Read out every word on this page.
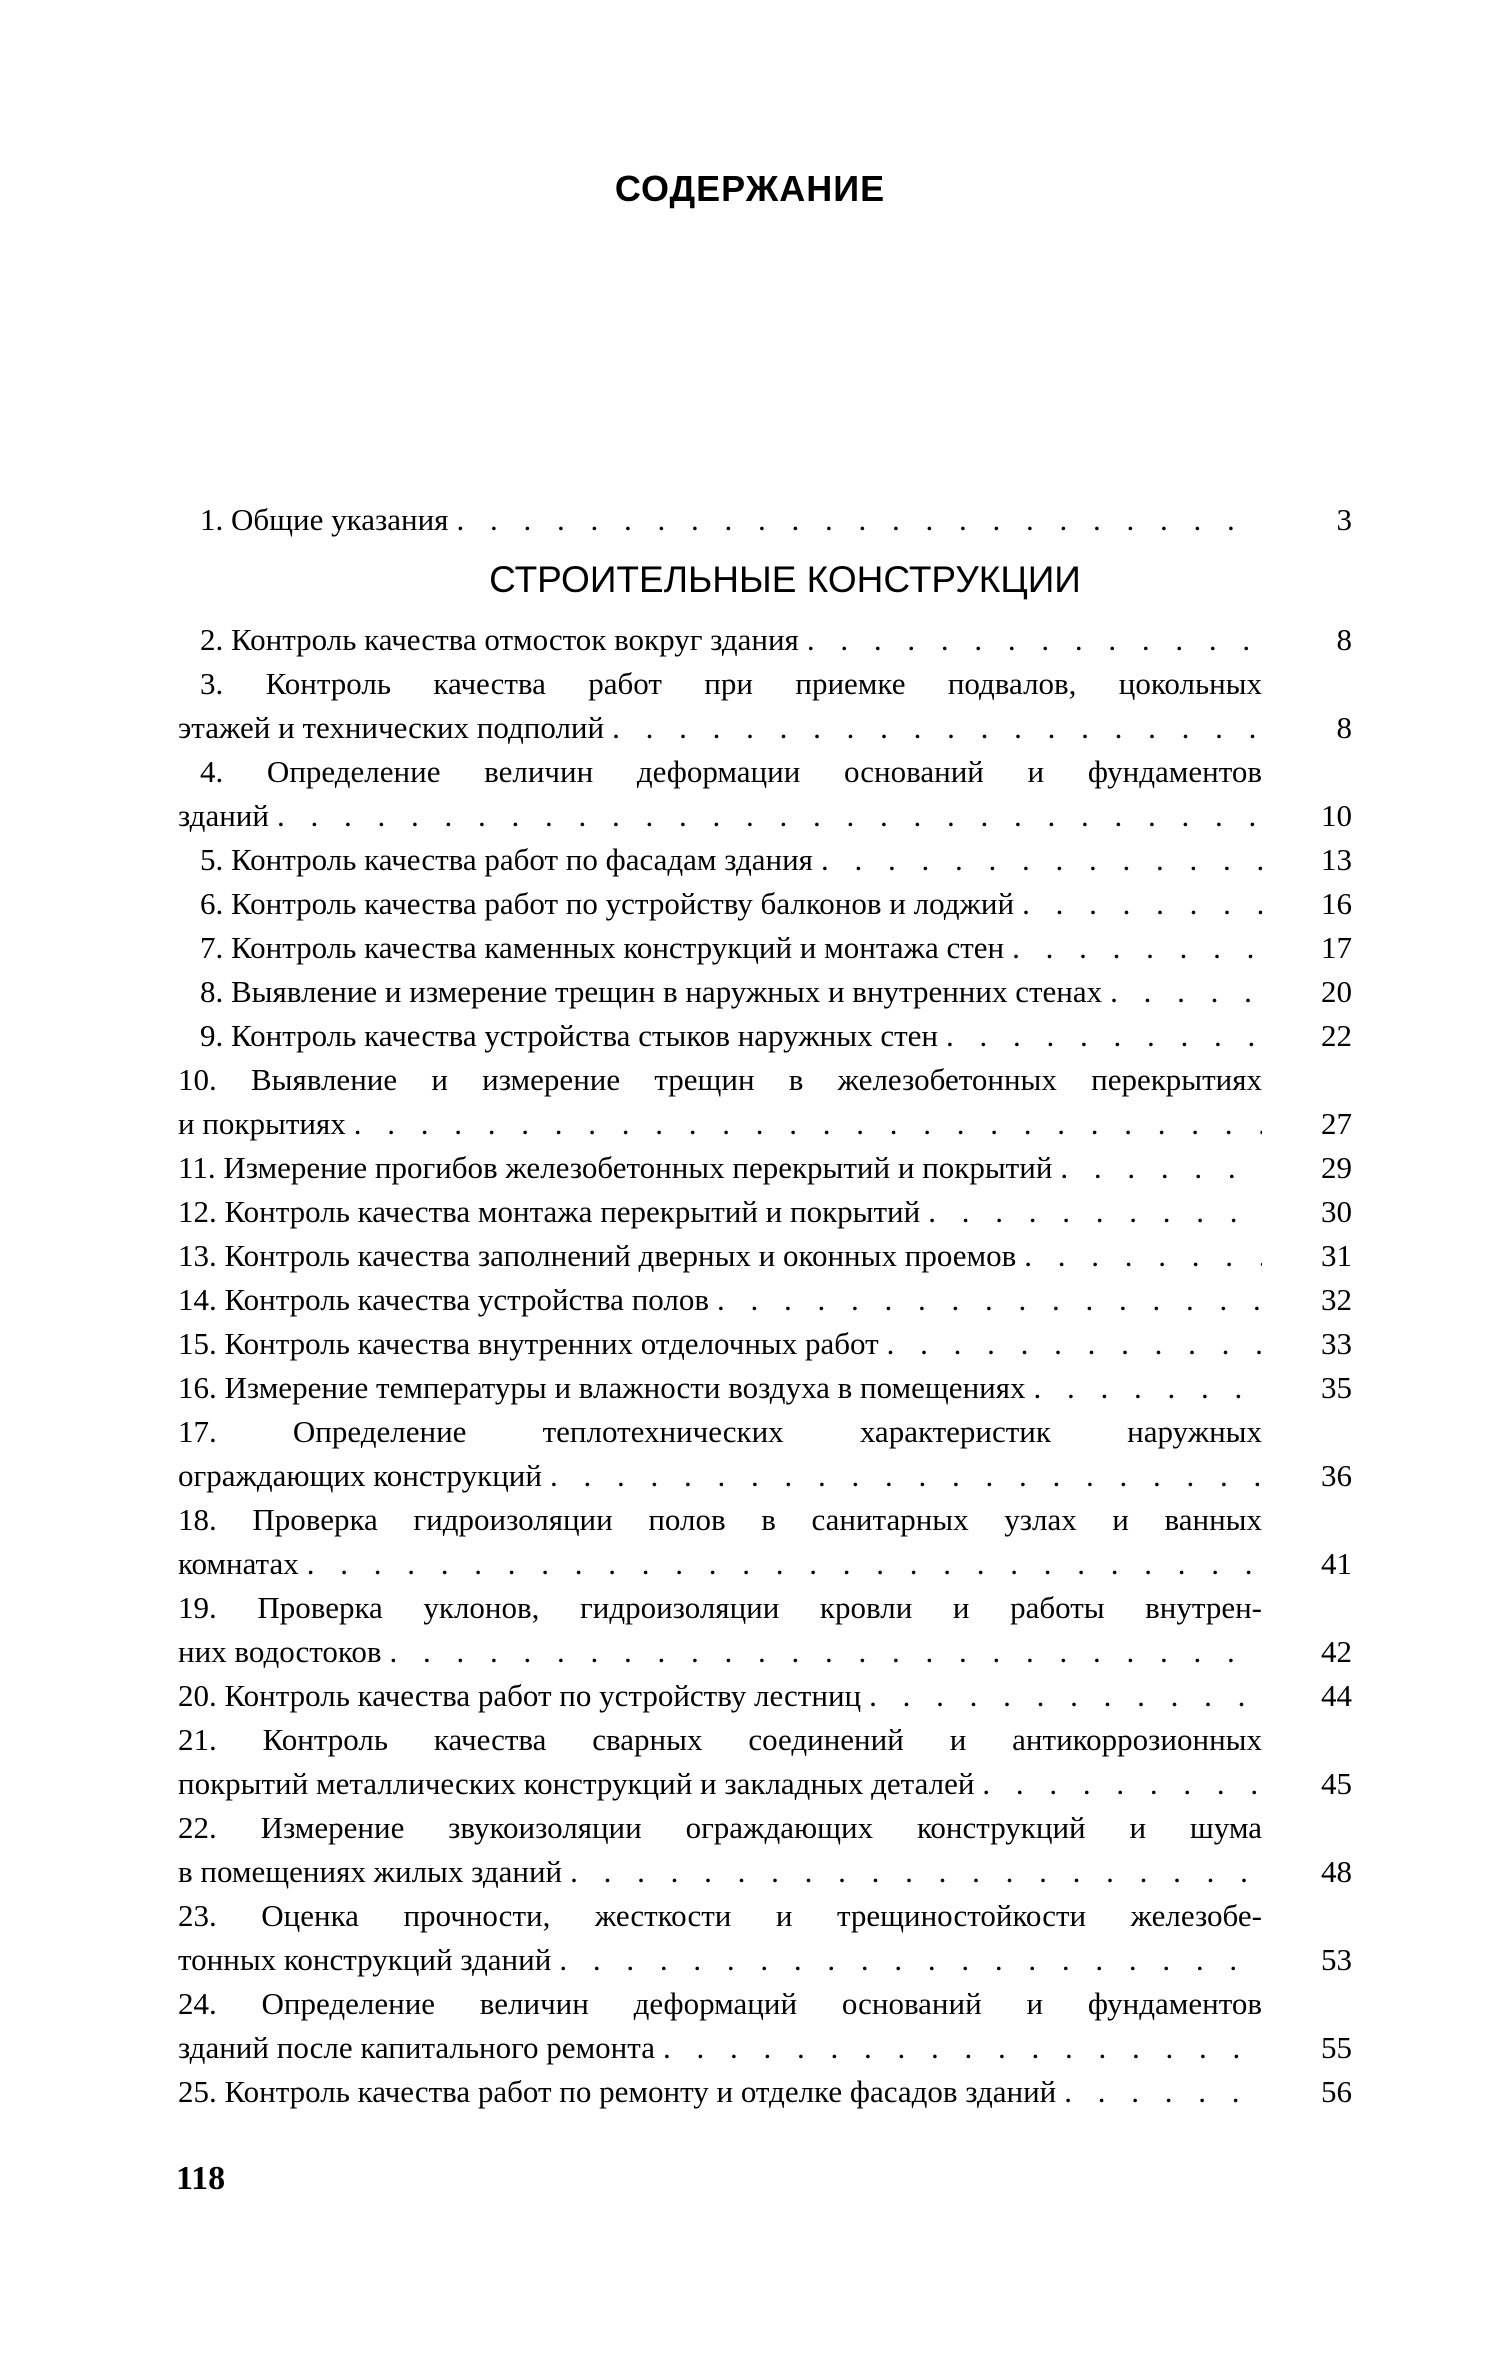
СОДЕРЖАНИЕ
1. Общие указания . . .	3
СТРОИТЕЛЬНЫЕ КОНСТРУКЦИИ
2. Контроль качества отмосток вокруг здания . . .	8
3. Контроль качества работ при приемке подвалов, цокольных
этажей и технических подполий . . .	8
4. Определение величин деформации оснований и фундаментов
зданий . . .	10
5. Контроль качества работ по фасадам здания . . .	13
6. Контроль качества работ по устройству балконов и лоджий . . .	16
7. Контроль качества каменных конструкций и монтажа стен . . .	17
8. Выявление и измерение трещин в наружных и внутренних стенах . . .	20
9. Контроль качества устройства стыков наружных стен . . .	22
10. Выявление и измерение трещин в железобетонных перекрытиях
и покрытиях . . .	27
11. Измерение прогибов железобетонных перекрытий и покрытий . . .	29
12. Контроль качества монтажа перекрытий и покрытий . . .	30
13. Контроль качества заполнений дверных и оконных проемов . . .	31
14. Контроль качества устройства полов . . .	32
15. Контроль качества внутренних отделочных работ . . .	33
16. Измерение температуры и влажности воздуха в помещениях . . .	35
17. Определение теплотехнических характеристик наружных
ограждающих конструкций . . .	36
18. Проверка гидроизоляции полов в санитарных узлах и ванных
комнатах . . .	41
19. Проверка уклонов, гидроизоляции кровли и работы внутрен-
них водостоков . . .	42
20. Контроль качества работ по устройству лестниц . . .	44
21. Контроль качества сварных соединений и антикоррозионных
покрытий металлических конструкций и закладных деталей . . .	45
22. Измерение звукоизоляции ограждающих конструкций и шума
в помещениях жилых зданий . . .	48
23. Оценка прочности, жесткости и трещиностойкости железобе-
тонных конструкций зданий . . .	53
24. Определение величин деформаций оснований и фундаментов
зданий после капитального ремонта . . .	55
25. Контроль качества работ по ремонту и отделке фасадов зданий . . .	56
118
